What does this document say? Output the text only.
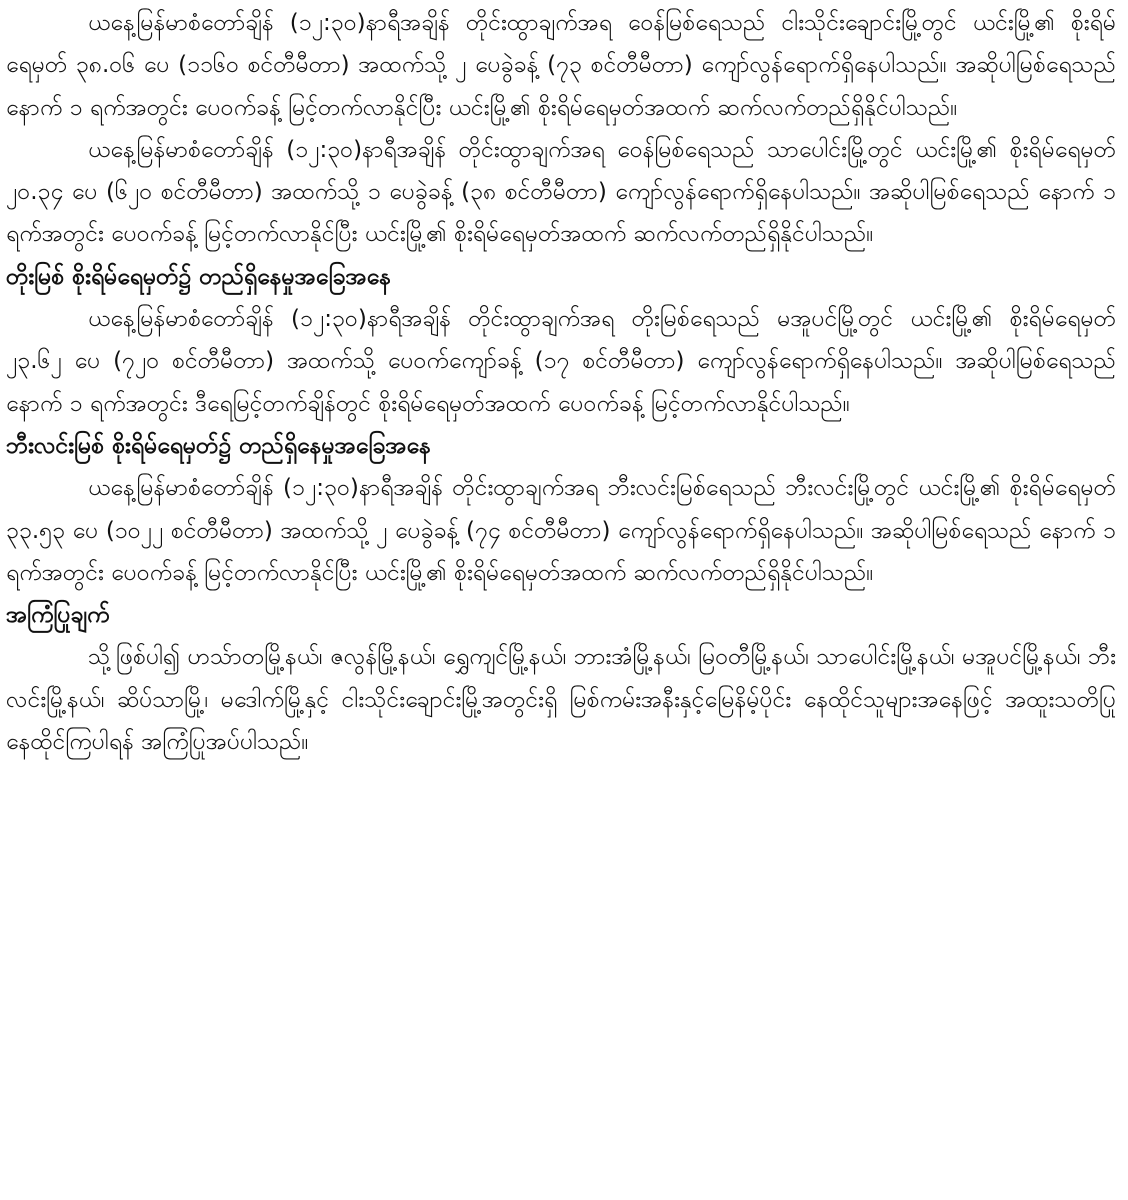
ယနေ့မြန်မာစံတော်ချိန် (၁၂:၃၀)နာရီအချိန် တိုင်းထွာချက်အရ ဝေန်မြစ်ရေသည် ငါးသိုင်းချောင်းမြို့တွင် ယင်းမြို့၏ စိုးရိမ်ရေမှတ် ၃၈.၀၆ ပေ (၁၁၆၀ စင်တီမီတာ) အထက်သို့ ၂ ပေခွဲခန့် (၇၃ စင်တီမီတာ) ကျော်လွန်ရောက်ရှိနေပါသည်။ အဆိုပါမြစ်ရေသည် နောက် ၁ ရက်အတွင်း ပေဝက်ခန့် မြင့်တက်လာနိုင်ပြီး ယင်းမြို့၏ စိုးရိမ်ရေမှတ်အထက် ဆက်လက်တည်ရှိနိုင်ပါသည်။

ယနေ့မြန်မာစံတော်ချိန် (၁၂:၃၀)နာရီအချိန် တိုင်းထွာချက်အရ ဝေန်မြစ်ရေသည် သာပေါင်းမြို့တွင် ယင်းမြို့၏ စိုးရိမ်ရေမှတ် ၂၀.၃၄ ပေ (၆၂၀ စင်တီမီတာ) အထက်သို့ ၁ ပေခွဲခန့် (၃၈ စင်တီမီတာ) ကျော်လွန်ရောက်ရှိနေပါသည်။ အဆိုပါမြစ်ရေသည် နောက် ၁ ရက်အတွင်း ပေဝက်ခန့် မြင့်တက်လာနိုင်ပြီး ယင်းမြို့၏ စိုးရိမ်ရေမှတ်အထက် ဆက်လက်တည်ရှိနိုင်ပါသည်။

တိုးမြစ် စိုးရိမ်ရေမှတ်၌ တည်ရှိနေမှုအခြေအနေ

ယနေ့မြန်မာစံတော်ချိန် (၁၂:၃၀)နာရီအချိန် တိုင်းထွာချက်အရ တိုးမြစ်ရေသည် မအူပင်မြို့တွင် ယင်းမြို့၏ စိုးရိမ်ရေမှတ် ၂၃.၆၂ ပေ (၇၂၀ စင်တီမီတာ) အထက်သို့ ပေဝက်ကျော်ခန့် (၁၇ စင်တီမီတာ) ကျော်လွန်ရောက်ရှိနေပါသည်။ အဆိုပါမြစ်ရေသည် နောက် ၁ ရက်အတွင်း ဒီရေမြင့်တက်ချိန်တွင် စိုးရိမ်ရေမှတ်အထက် ပေဝက်ခန့် မြင့်တက်လာနိုင်ပါသည်။

ဘီးလင်းမြစ် စိုးရိမ်ရေမှတ်၌ တည်ရှိနေမှုအခြေအနေ

ယနေ့မြန်မာစံတော်ချိန် (၁၂:၃၀)နာရီအချိန် တိုင်းထွာချက်အရ ဘီးလင်းမြစ်ရေသည် ဘီးလင်းမြို့တွင် ယင်းမြို့၏ စိုးရိမ်ရေမှတ် ၃၃.၅၃ ပေ (၁၀၂၂ စင်တီမီတာ) အထက်သို့ ၂ ပေခွဲခန့် (၇၄ စင်တီမီတာ) ကျော်လွန်ရောက်ရှိနေပါသည်။ အဆိုပါမြစ်ရေသည် နောက် ၁ ရက်အတွင်း ပေဝက်ခန့် မြင့်တက်လာနိုင်ပြီး ယင်းမြို့၏ စိုးရိမ်ရေမှတ်အထက် ဆက်လက်တည်ရှိနိုင်ပါသည်။

အကြံပြုချက်

သို့ဖြစ်ပါ၍ ဟသ်ာတမြို့နယ်၊ ဇလွန်မြို့နယ်၊ ရွှေကျင်မြို့နယ်၊ ဘားအံမြို့နယ်၊ မြဝတီမြို့နယ်၊ သာပေါင်းမြို့နယ်၊ မအူပင်မြို့နယ်၊ ဘီးလင်းမြို့နယ်၊ ဆိပ်သာမြို့၊ မဒေါက်မြို့နှင့် ငါးသိုင်းချောင်းမြို့အတွင်းရှိ မြစ်ကမ်းအနီးနှင့်မြေနိမ့်ပိုင်း နေထိုင်သူများအနေဖြင့် အထူးသတိပြုနေထိုင်ကြပါရန် အကြံပြုအပ်ပါသည်။
